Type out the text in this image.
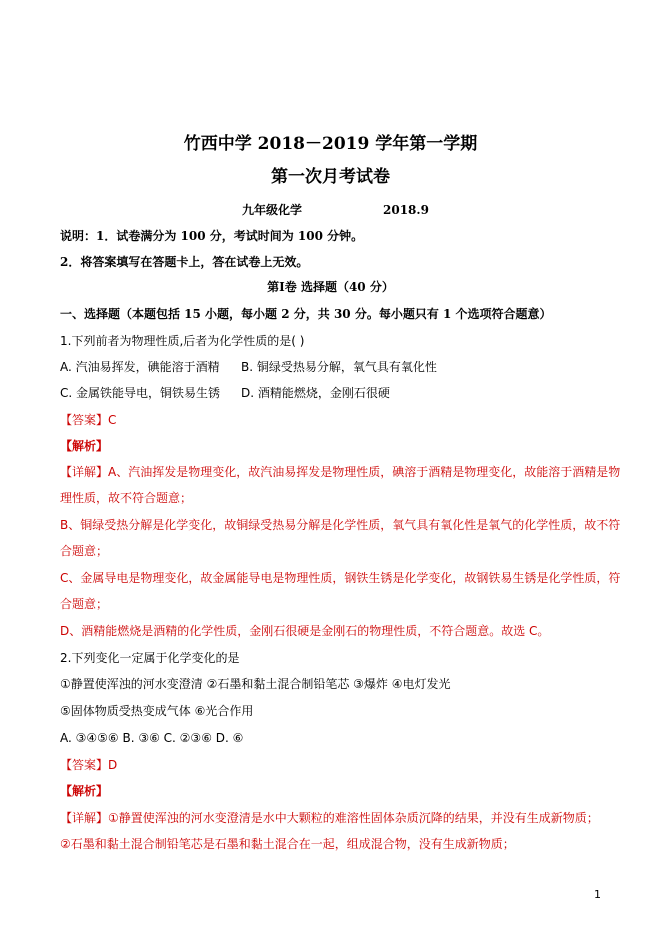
竹西中学 2018－2019 学年第一学期
第一次月考试卷
九年级化学	2018.9
说明：1．试卷满分为 100 分，考试时间为 100 分钟。
2．将答案填写在答题卡上，答在试卷上无效。
第Ⅰ卷 选择题（40 分）
一、选择题（本题包括 15 小题，每小题 2 分，共 30 分。每小题只有 1 个选项符合题意）
1.下列前者为物理性质,后者为化学性质的是( )
A. 汽油易挥发，碘能溶于酒精 B. 铜绿受热易分解，氧气具有氧化性
C. 金属铁能导电，铜铁易生锈 D. 酒精能燃烧，金刚石很硬
【答案】C
【解析】
【详解】A、汽油挥发是物理变化，故汽油易挥发是物理性质，碘溶于酒精是物理变化，故能溶于酒精是物
理性质，故不符合题意；
B、铜绿受热分解是化学变化，故铜绿受热易分解是化学性质，氧气具有氧化性是氧气的化学性质，故不符
合题意；
C、金属导电是物理变化，故金属能导电是物理性质，钢铁生锈是化学变化，故钢铁易生锈是化学性质，符
合题意；
D、酒精能燃烧是酒精的化学性质，金刚石很硬是金刚石的物理性质，不符合题意。故选 C。
2.下列变化一定属于化学变化的是
①静置使浑浊的河水变澄清 ②石墨和黏土混合制铅笔芯 ③爆炸 ④电灯发光
⑤固体物质受热变成气体 ⑥光合作用
A. ③④⑤⑥ B. ③⑥ C. ②③⑥ D. ⑥
【答案】D
【解析】
【详解】①静置使浑浊的河水变澄清是水中大颗粒的难溶性固体杂质沉降的结果，并没有生成新物质；
②石墨和黏土混合制铅笔芯是石墨和黏土混合在一起，组成混合物，没有生成新物质；
1
